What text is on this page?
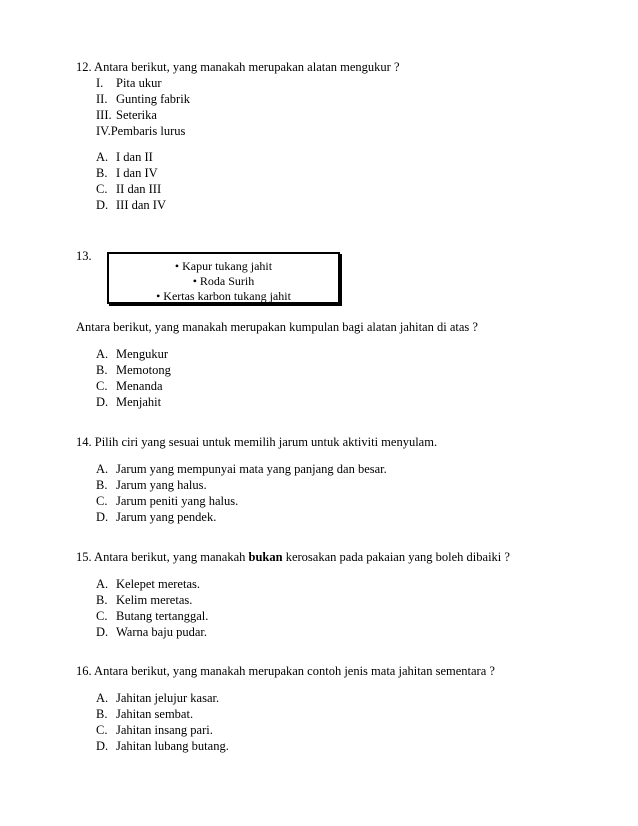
12. Antara berikut, yang manakah merupakan alatan mengukur ?
I. Pita ukur
II. Gunting fabrik
III. Seterika
IV.Pembaris lurus
A. I dan II
B. I dan IV
C. II dan III
D. III dan IV
13.
• Kapur tukang jahit
• Roda Surih
• Kertas karbon tukang jahit
Antara berikut, yang manakah merupakan kumpulan bagi alatan jahitan di atas ?
A. Mengukur
B. Memotong
C. Menanda
D. Menjahit
14. Pilih ciri yang sesuai untuk memilih jarum untuk aktiviti menyulam.
A. Jarum yang mempunyai mata yang panjang dan besar.
B. Jarum yang halus.
C. Jarum peniti yang halus.
D. Jarum yang pendek.
15. Antara berikut, yang manakah bukan kerosakan pada pakaian yang boleh dibaiki ?
A. Kelepet meretas.
B. Kelim meretas.
C. Butang tertanggal.
D. Warna baju pudar.
16. Antara berikut, yang manakah merupakan contoh jenis mata jahitan sementara ?
A. Jahitan jelujur kasar.
B. Jahitan sembat.
C. Jahitan insang pari.
D. Jahitan lubang butang.
